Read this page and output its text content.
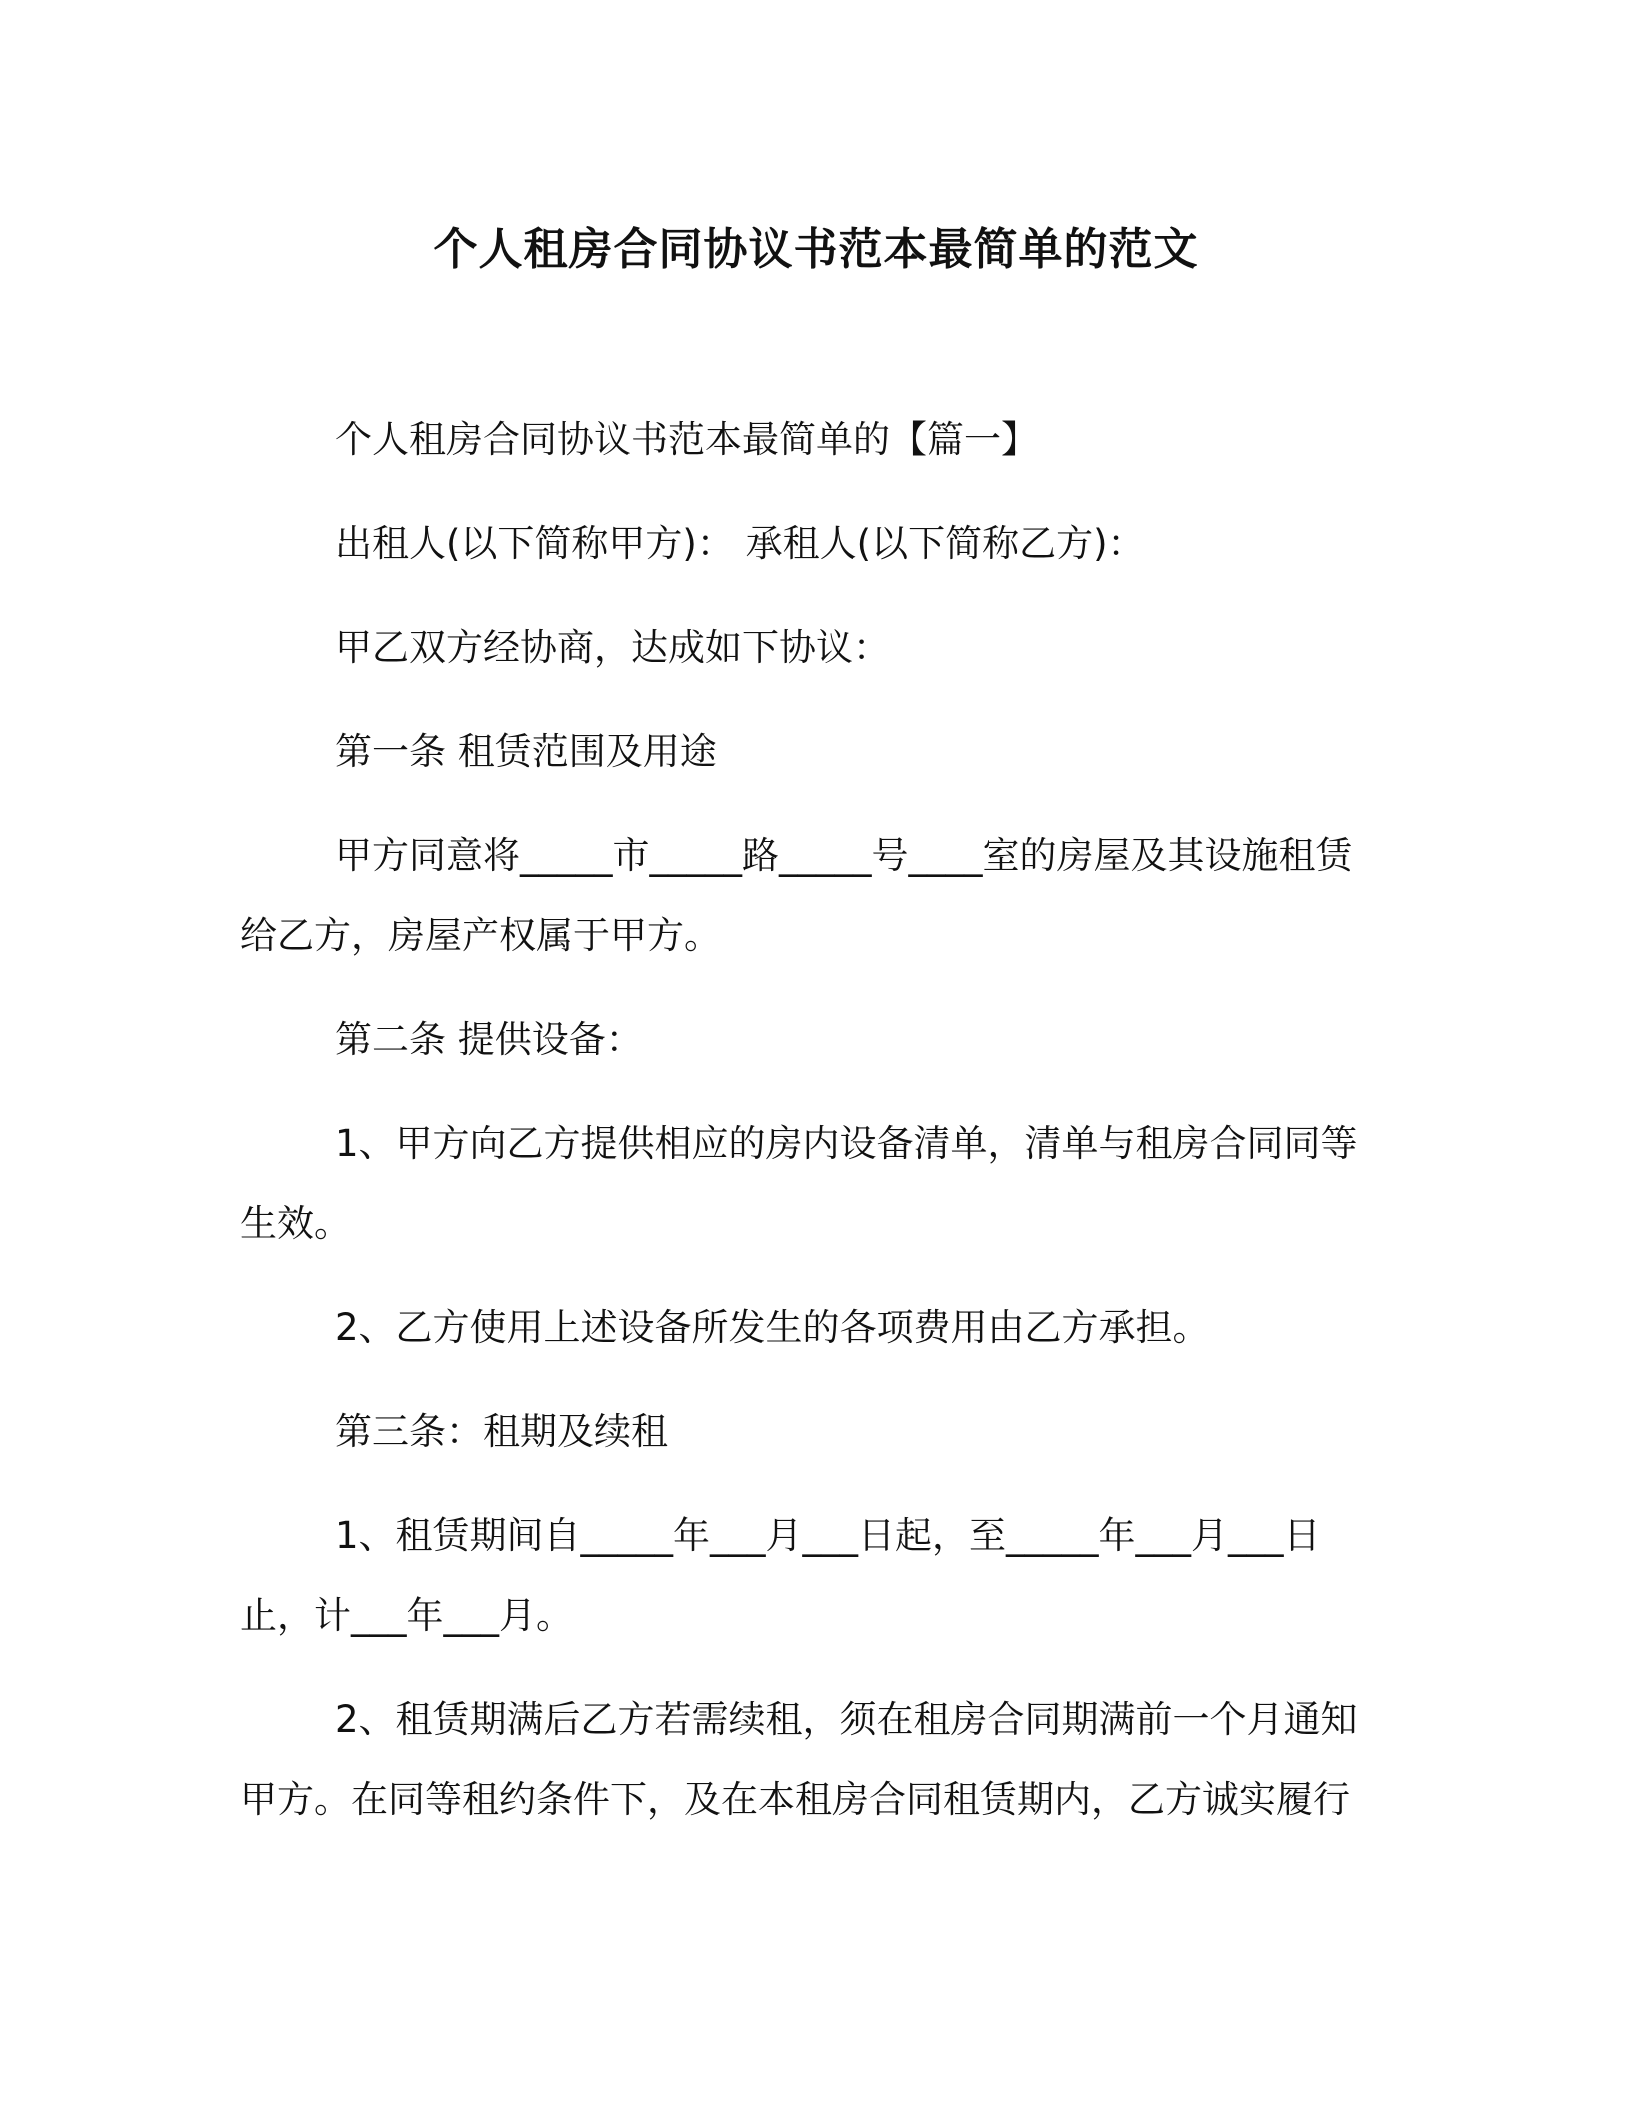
个人租房合同协议书范本最简单的范文

个人租房合同协议书范本最简单的【篇一】

出租人(以下简称甲方)： 承租人(以下简称乙方)：

甲乙双方经协商，达成如下协议：

第一条 租赁范围及用途

甲方同意将_____市_____路_____号____室的房屋及其设施租赁给乙方，房屋产权属于甲方。

第二条 提供设备：

1、甲方向乙方提供相应的房内设备清单，清单与租房合同同等生效。

2、乙方使用上述设备所发生的各项费用由乙方承担。

第三条：租期及续租

1、租赁期间自_____年___月___日起，至_____年___月___日止，计___年___月。

2、租赁期满后乙方若需续租，须在租房合同期满前一个月通知甲方。在同等租约条件下，及在本租房合同租赁期内，乙方诚实履行
